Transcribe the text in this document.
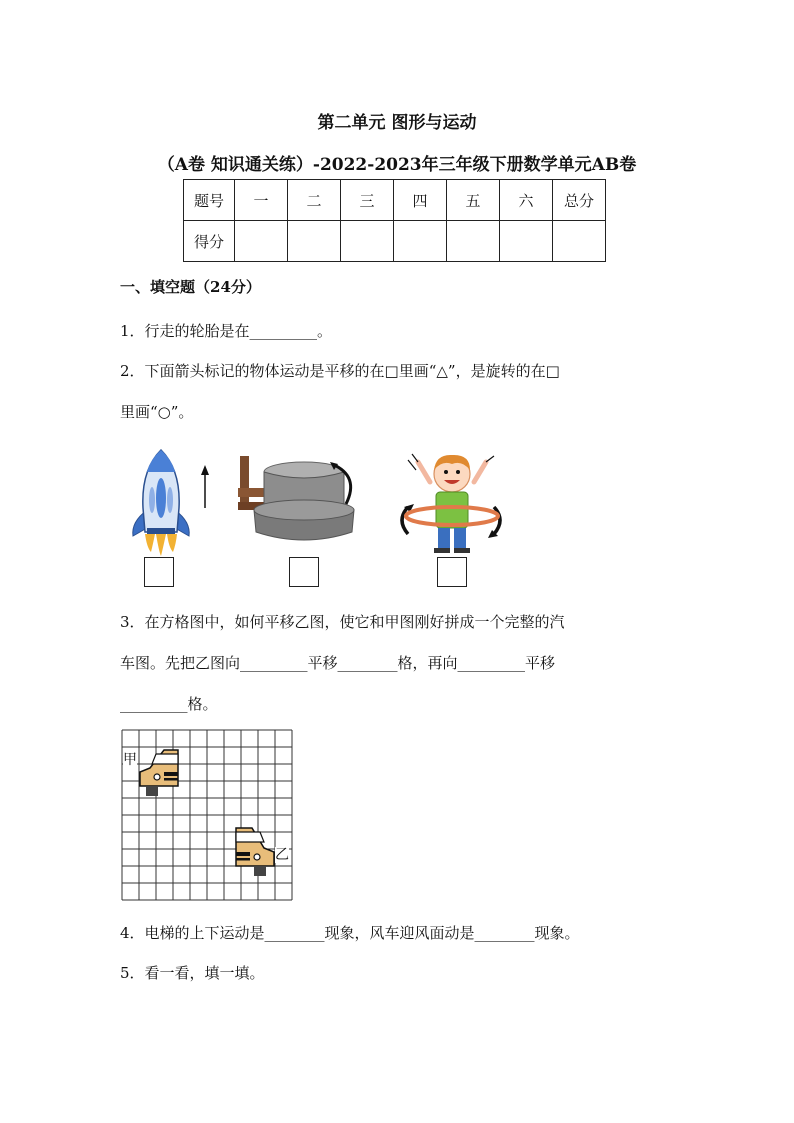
第二单元 图形与运动
（A卷 知识通关练）-2022-2023年三年级下册数学单元AB卷
题号	一	二	三	四	五	六	总分
得分							
一、填空题（24分）
1．行走的轮胎是在_________。
2．下面箭头标记的物体运动是平移的在□里画“△”，是旋转的在□
里画“○”。
3．在方格图中，如何平移乙图，使它和甲图刚好拼成一个完整的汽
车图。先把乙图向_________平移________格，再向_________平移
_________格。
甲
乙
4．电梯的上下运动是________现象，风车迎风面动是________现象。
5．看一看，填一填。
